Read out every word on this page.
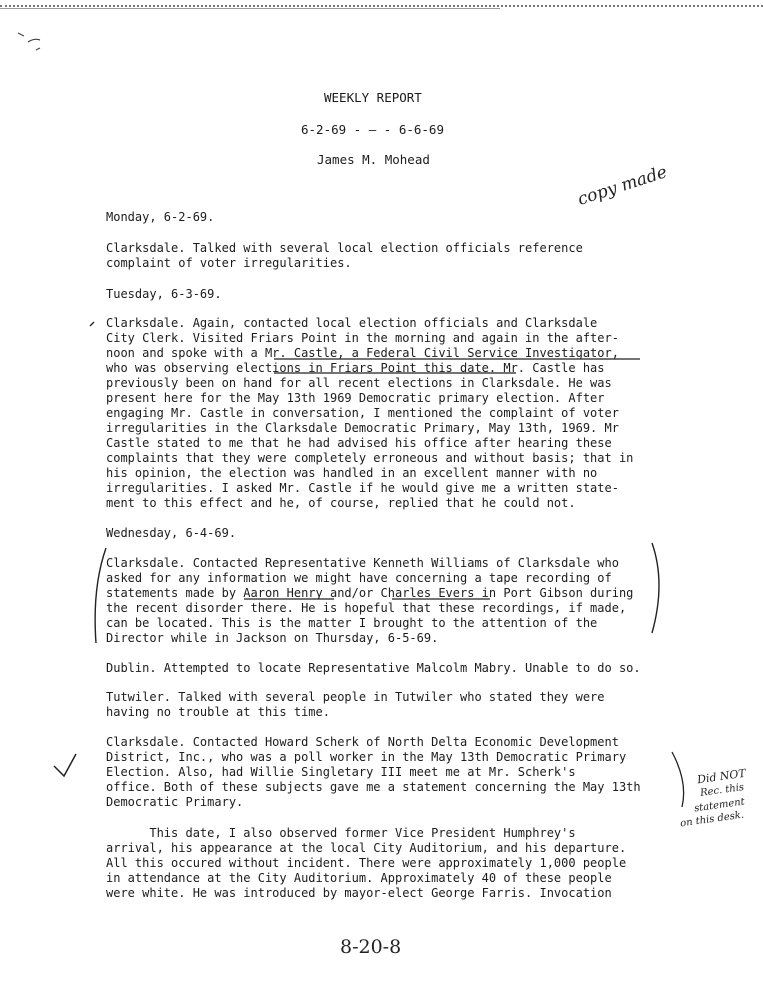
WEEKLY REPORT
6-2-69 - — - 6-6-69
James M. Mohead
copy made
Monday, 6-2-69.
Clarksdale. Talked with several local election officials reference
complaint of voter irregularities.
Tuesday, 6-3-69.
Clarksdale. Again, contacted local election officials and Clarksdale
City Clerk. Visited Friars Point in the morning and again in the after-
noon and spoke with a Mr. Castle, a Federal Civil Service Investigator,
who was observing elections in Friars Point this date. Mr. Castle has
previously been on hand for all recent elections in Clarksdale. He was
present here for the May 13th 1969 Democratic primary election. After
engaging Mr. Castle in conversation, I mentioned the complaint of voter
irregularities in the Clarksdale Democratic Primary, May 13th, 1969. Mr
Castle stated to me that he had advised his office after hearing these
complaints that they were completely erroneous and without basis; that in
his opinion, the election was handled in an excellent manner with no
irregularities. I asked Mr. Castle if he would give me a written state-
ment to this effect and he, of course, replied that he could not.
Wednesday, 6-4-69.
Clarksdale. Contacted Representative Kenneth Williams of Clarksdale who
asked for any information we might have concerning a tape recording of
statements made by Aaron Henry and/or Charles Evers in Port Gibson during
the recent disorder there. He is hopeful that these recordings, if made,
can be located. This is the matter I brought to the attention of the
Director while in Jackson on Thursday, 6-5-69.
Dublin. Attempted to locate Representative Malcolm Mabry. Unable to do so.
Tutwiler. Talked with several people in Tutwiler who stated they were
having no trouble at this time.
Clarksdale. Contacted Howard Scherk of North Delta Economic Development
District, Inc., who was a poll worker in the May 13th Democratic Primary
Election. Also, had Willie Singletary III meet me at Mr. Scherk's
office. Both of these subjects gave me a statement concerning the May 13th
Democratic Primary.
This date, I also observed former Vice President Humphrey's
arrival, his appearance at the local City Auditorium, and his departure.
All this occured without incident. There were approximately 1,000 people
in attendance at the City Auditorium. Approximately 40 of these people
were white. He was introduced by mayor-elect George Farris. Invocation
Did NOT
Rec. this
statement
on this desk.
8-20-8
